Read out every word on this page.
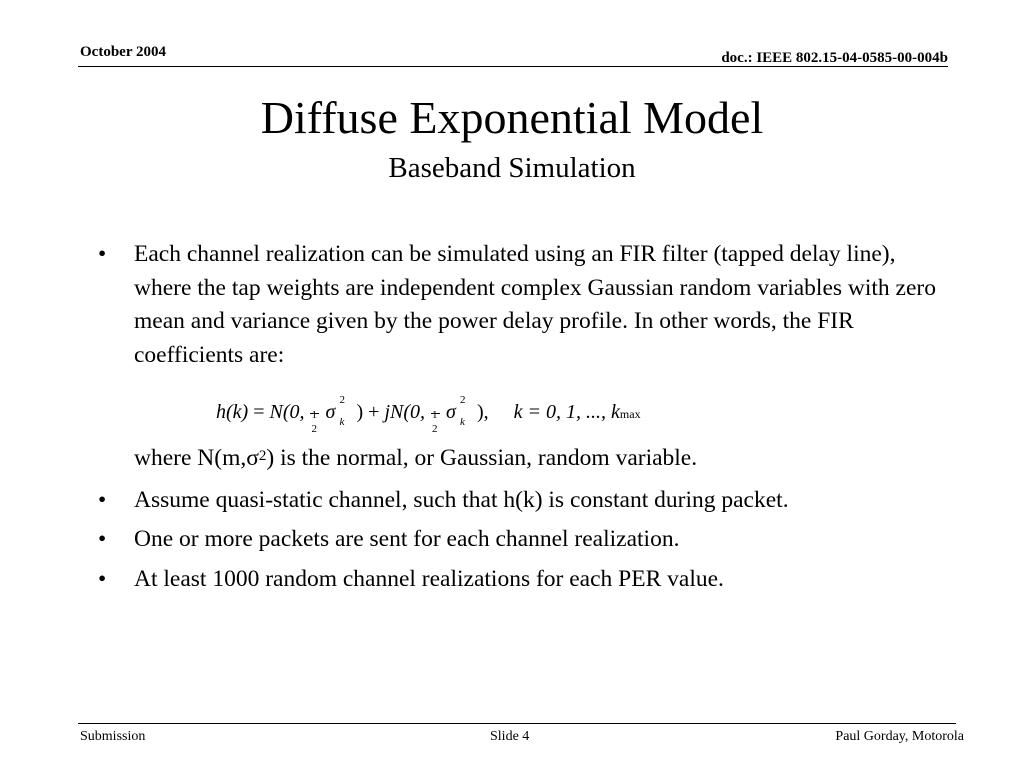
October 2004	doc.: IEEE 802.15-04-0585-00-004b
Diffuse Exponential Model
Baseband Simulation
• Each channel realization can be simulated using an FIR filter (tapped delay line), where the tap weights are independent complex Gaussian random variables with zero mean and variance given by the power delay profile. In other words, the FIR coefficients are:
h(k) = N(0, 1
2
σ
2
k ) + jN(0, 1
2
σ
2
k ), k = 0, 1, ..., kmax
where $N(m,\sigma^2)$ is the normal, or Gaussian, random variable.
• Assume quasi-static channel, such that h(k) is constant during packet.
• One or more packets are sent for each channel realization.
• At least 1000 random channel realizations for each PER value.
Submission	Slide 4	Paul Gorday, Motorola
